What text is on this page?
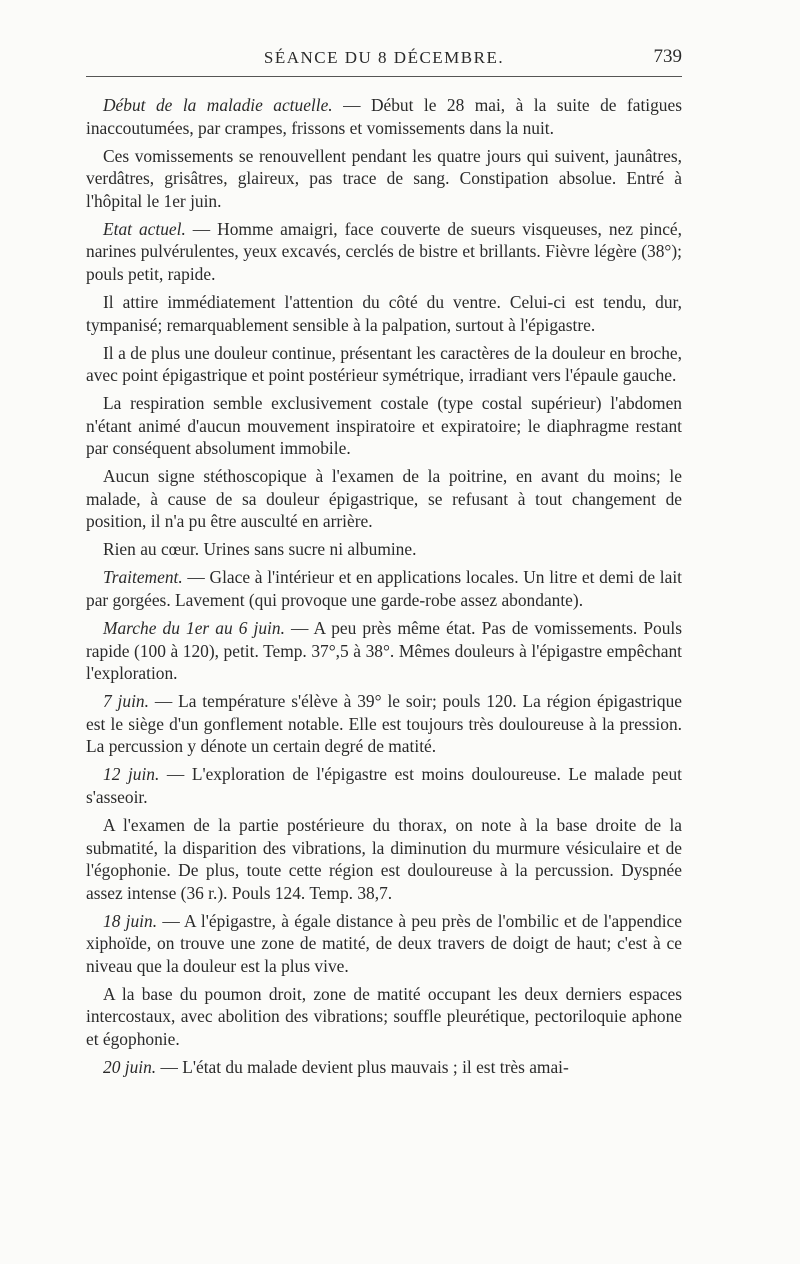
SÉANCE DU 8 DÉCEMBRE.	739

Début de la maladie actuelle. — Début le 28 mai, à la suite de fatigues inaccoutumées, par crampes, frissons et vomissements dans la nuit.

Ces vomissements se renouvellent pendant les quatre jours qui suivent, jaunâtres, verdâtres, grisâtres, glaireux, pas trace de sang. Constipation absolue. Entré à l'hôpital le 1er juin.

Etat actuel. — Homme amaigri, face couverte de sueurs visqueuses, nez pincé, narines pulvérulentes, yeux excavés, cerclés de bistre et brillants. Fièvre légère (38°); pouls petit, rapide.

Il attire immédiatement l'attention du côté du ventre. Celui-ci est tendu, dur, tympanisé; remarquablement sensible à la palpation, surtout à l'épigastre.

Il a de plus une douleur continue, présentant les caractères de la douleur en broche, avec point épigastrique et point postérieur symétrique, irradiant vers l'épaule gauche.

La respiration semble exclusivement costale (type costal supérieur) l'abdomen n'étant animé d'aucun mouvement inspiratoire et expiratoire; le diaphragme restant par conséquent absolument immobile.

Aucun signe stéthoscopique à l'examen de la poitrine, en avant du moins; le malade, à cause de sa douleur épigastrique, se refusant à tout changement de position, il n'a pu être ausculté en arrière.

Rien au cœur. Urines sans sucre ni albumine.

Traitement. — Glace à l'intérieur et en applications locales. Un litre et demi de lait par gorgées. Lavement (qui provoque une garde-robe assez abondante).

Marche du 1er au 6 juin. — A peu près même état. Pas de vomissements. Pouls rapide (100 à 120), petit. Temp. 37°,5 à 38°. Mêmes douleurs à l'épigastre empêchant l'exploration.

7 juin. — La température s'élève à 39° le soir; pouls 120. La région épigastrique est le siège d'un gonflement notable. Elle est toujours très douloureuse à la pression. La percussion y dénote un certain degré de matité.

12 juin. — L'exploration de l'épigastre est moins douloureuse. Le malade peut s'asseoir.

A l'examen de la partie postérieure du thorax, on note à la base droite de la submatité, la disparition des vibrations, la diminution du murmure vésiculaire et de l'égophonie. De plus, toute cette région est douloureuse à la percussion. Dyspnée assez intense (36 r.). Pouls 124. Temp. 38,7.

18 juin. — A l'épigastre, à égale distance à peu près de l'ombilic et de l'appendice xiphoïde, on trouve une zone de matité, de deux travers de doigt de haut; c'est à ce niveau que la douleur est la plus vive.

A la base du poumon droit, zone de matité occupant les deux derniers espaces intercostaux, avec abolition des vibrations; souffle pleurétique, pectoriloquie aphone et égophonie.

20 juin. — L'état du malade devient plus mauvais ; il est très amai-
